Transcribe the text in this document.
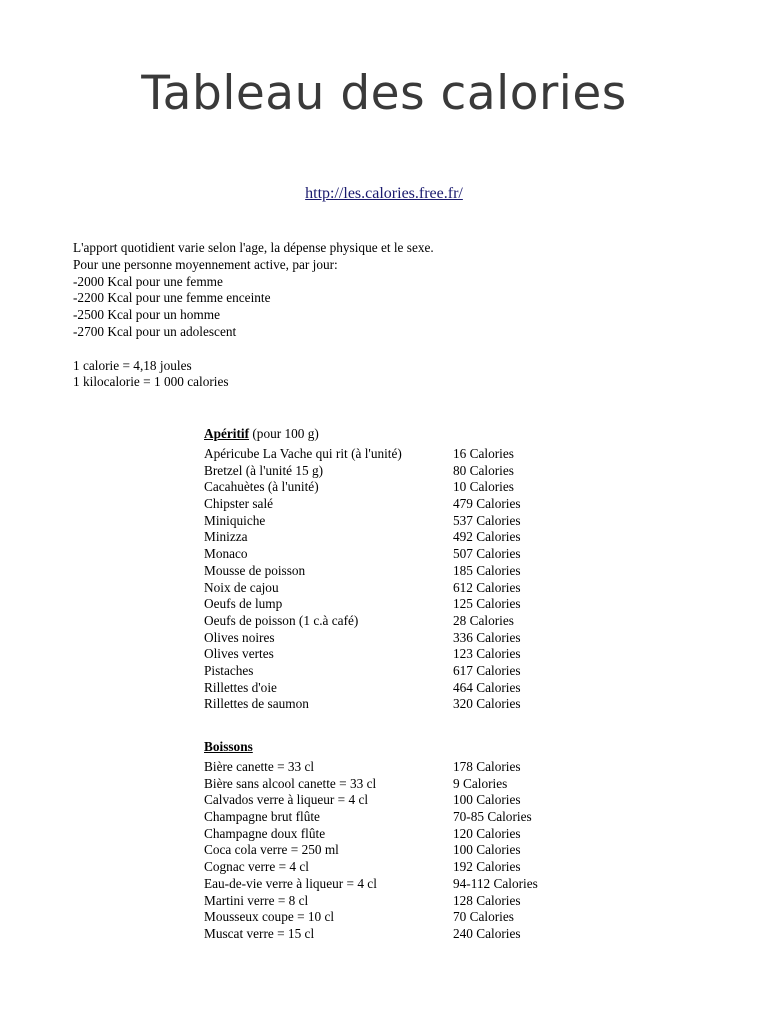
Tableau des calories
http://les.calories.free.fr/
L'apport quotidient varie selon l'age, la dépense physique et le sexe.
Pour une personne moyennement active, par jour:
-2000 Kcal pour une femme
-2200 Kcal pour une femme enceinte
-2500 Kcal pour un homme
-2700 Kcal pour un adolescent
1 calorie = 4,18 joules
1 kilocalorie = 1 000 calories
Apéritif (pour 100 g)
Apéricube La Vache qui rit (à l'unité)	16 Calories
Bretzel (à l'unité 15 g)	80 Calories
Cacahuètes (à l'unité)	10 Calories
Chipster salé	479 Calories
Miniquiche	537 Calories
Minizza	492 Calories
Monaco	507 Calories
Mousse de poisson	185 Calories
Noix de cajou	612 Calories
Oeufs de lump	125 Calories
Oeufs de poisson (1 c.à café)	28 Calories
Olives noires	336 Calories
Olives vertes	123 Calories
Pistaches	617 Calories
Rillettes d'oie	464 Calories
Rillettes de saumon	320 Calories
Boissons
Bière canette = 33 cl	178 Calories
Bière sans alcool canette = 33 cl	9 Calories
Calvados verre à liqueur = 4 cl	100 Calories
Champagne brut flûte	70-85 Calories
Champagne doux flûte	120 Calories
Coca cola verre = 250 ml	100 Calories
Cognac verre = 4 cl	192 Calories
Eau-de-vie verre à liqueur = 4 cl	94-112 Calories
Martini verre = 8 cl	128 Calories
Mousseux coupe = 10 cl	70 Calories
Muscat verre = 15 cl	240 Calories
